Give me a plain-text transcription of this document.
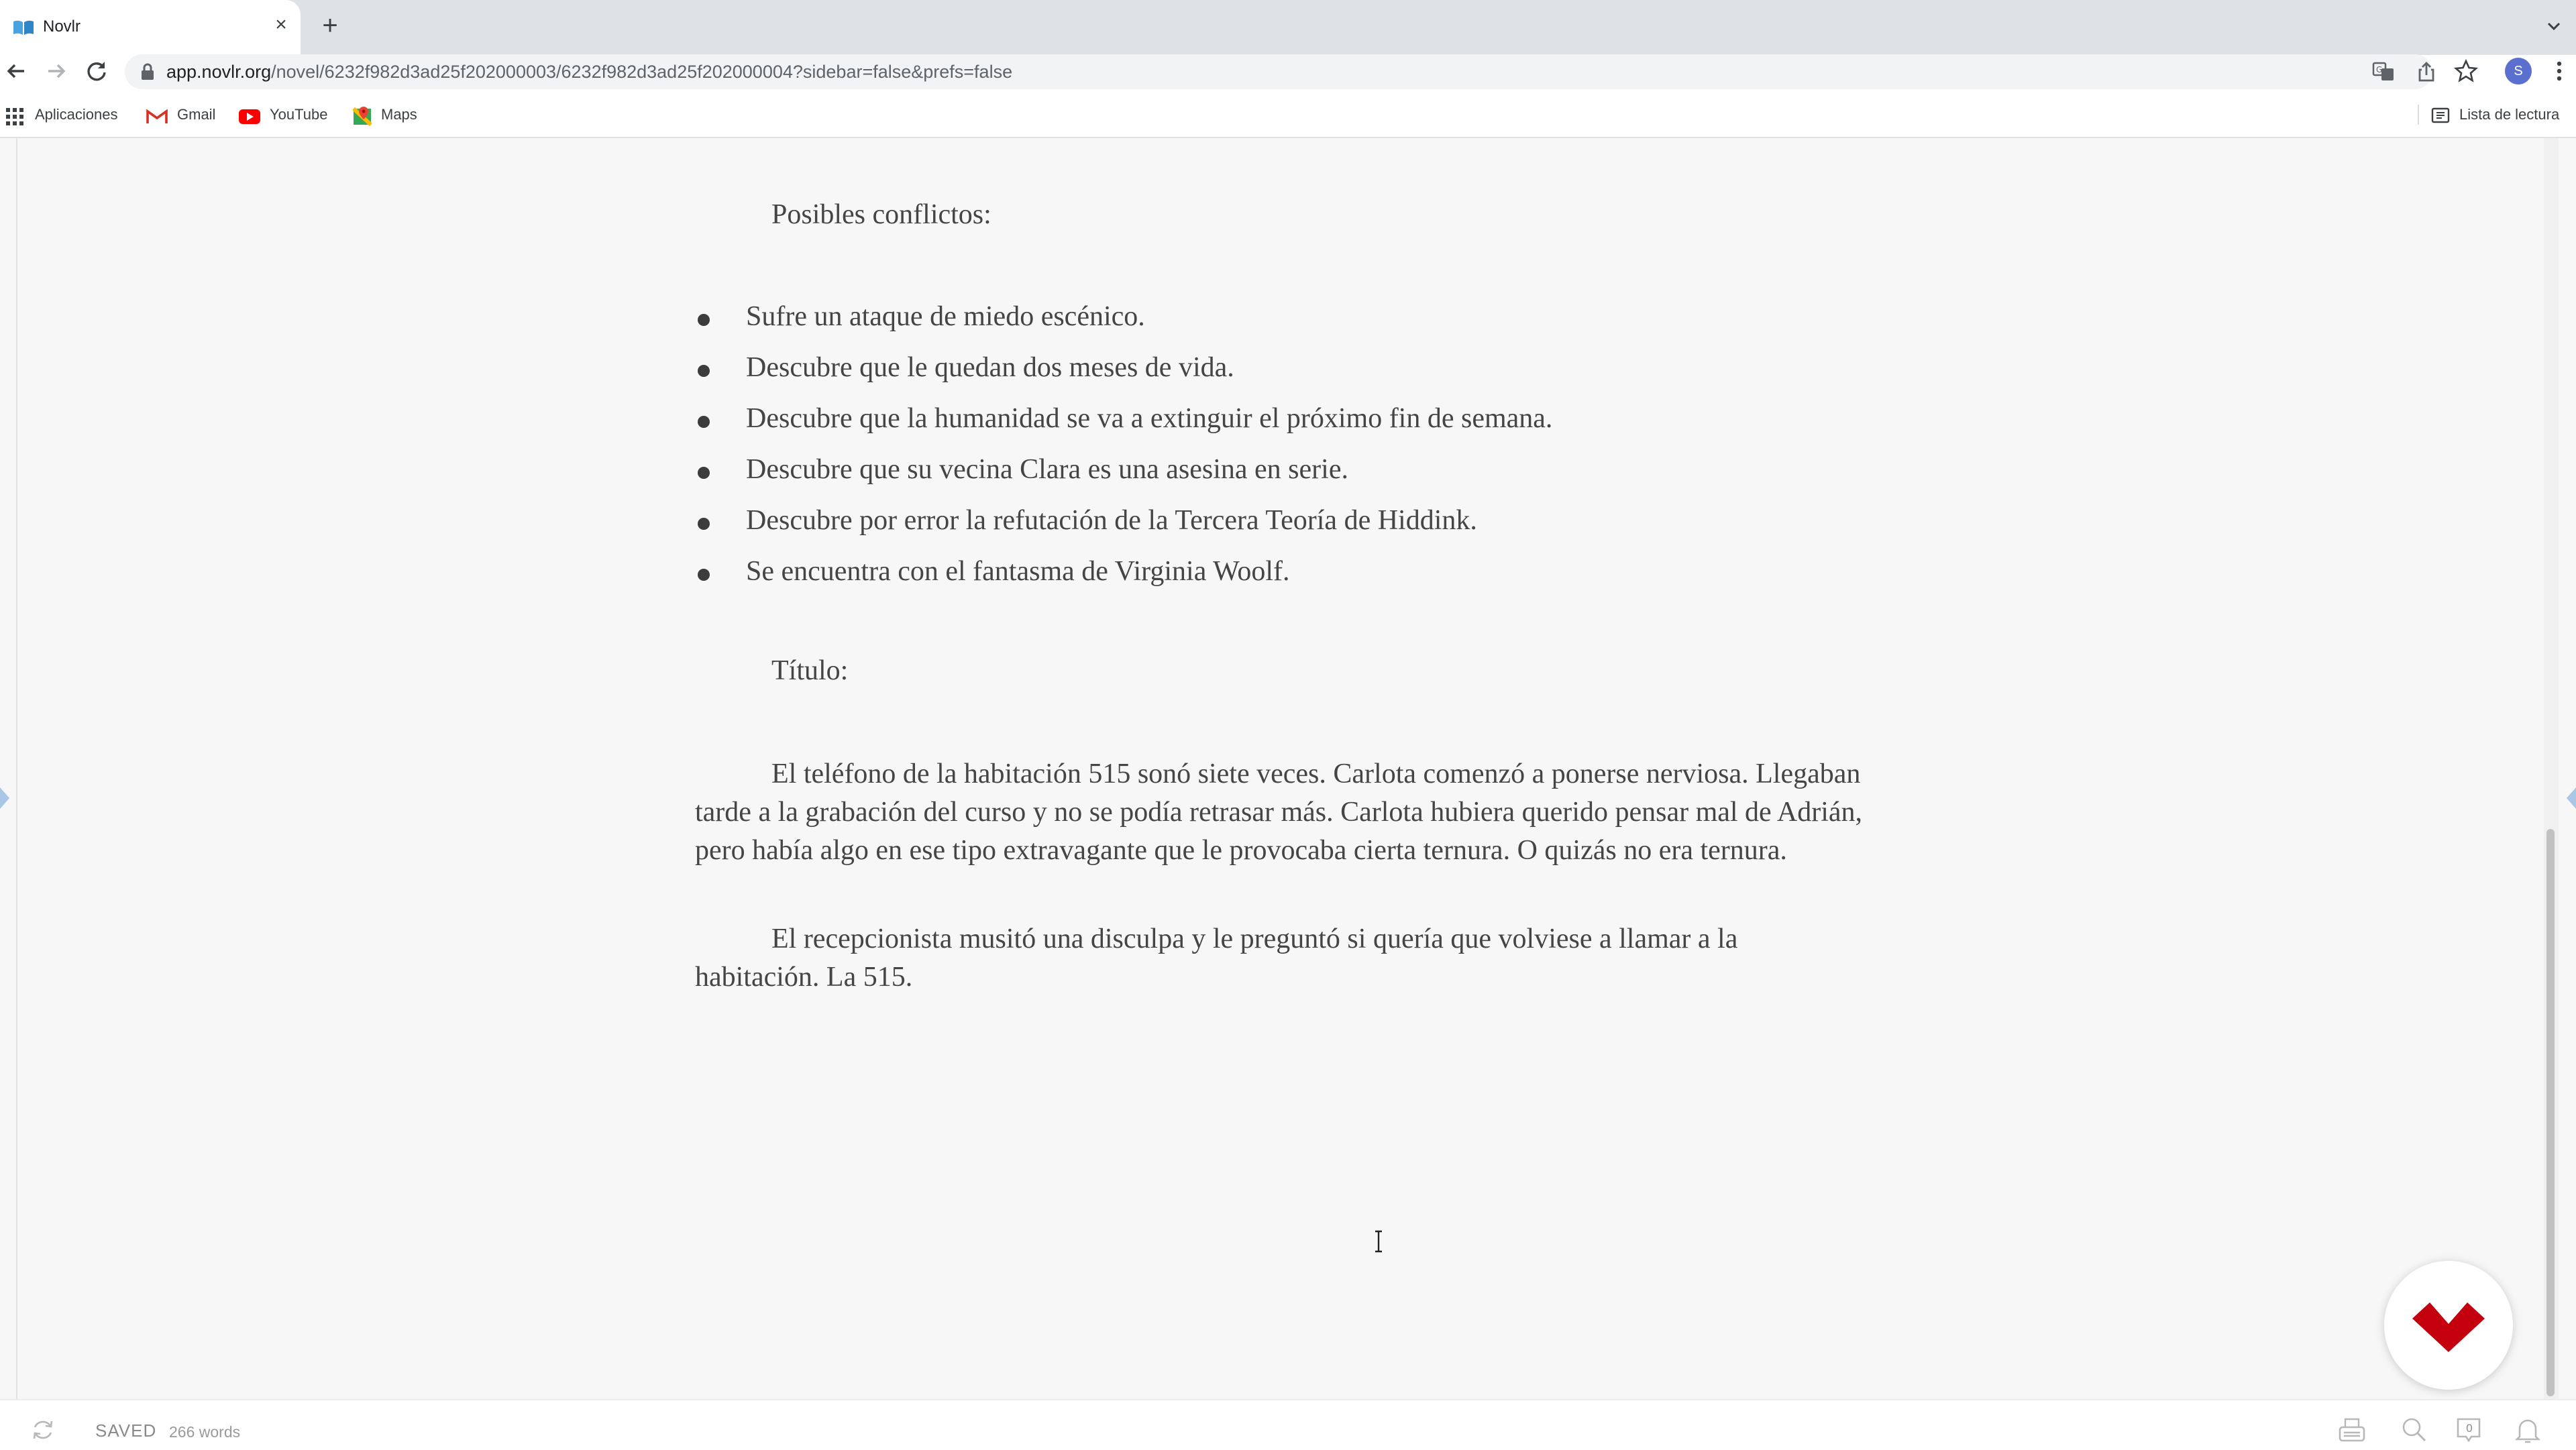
Novlr	× +
app.novlr.org/novel/6232f982d3ad25f202000003/6232f982d3ad25f202000004?sidebar=false&prefs=false	G	S
Aplicaciones	Gmail	YouTube	Maps	Lista de lectura
Posibles conflictos:
Sufre un ataque de miedo escénico.
Descubre que le quedan dos meses de vida.
Descubre que la humanidad se va a extinguir el próximo fin de semana.
Descubre que su vecina Clara es una asesina en serie.
Descubre por error la refutación de la Tercera Teoría de Hiddink.
Se encuentra con el fantasma de Virginia Woolf.
Título:
El teléfono de la habitación 515 sonó siete veces. Carlota comenzó a ponerse nerviosa. Llegaban tarde a la grabación del curso y no se podía retrasar más. Carlota hubiera querido pensar mal de Adrián, pero había algo en ese tipo extravagante que le provocaba cierta ternura. O quizás no era ternura.
El recepcionista musitó una disculpa y le preguntó si quería que volviese a llamar a la habitación. La 515.
SAVED 266 words	0
